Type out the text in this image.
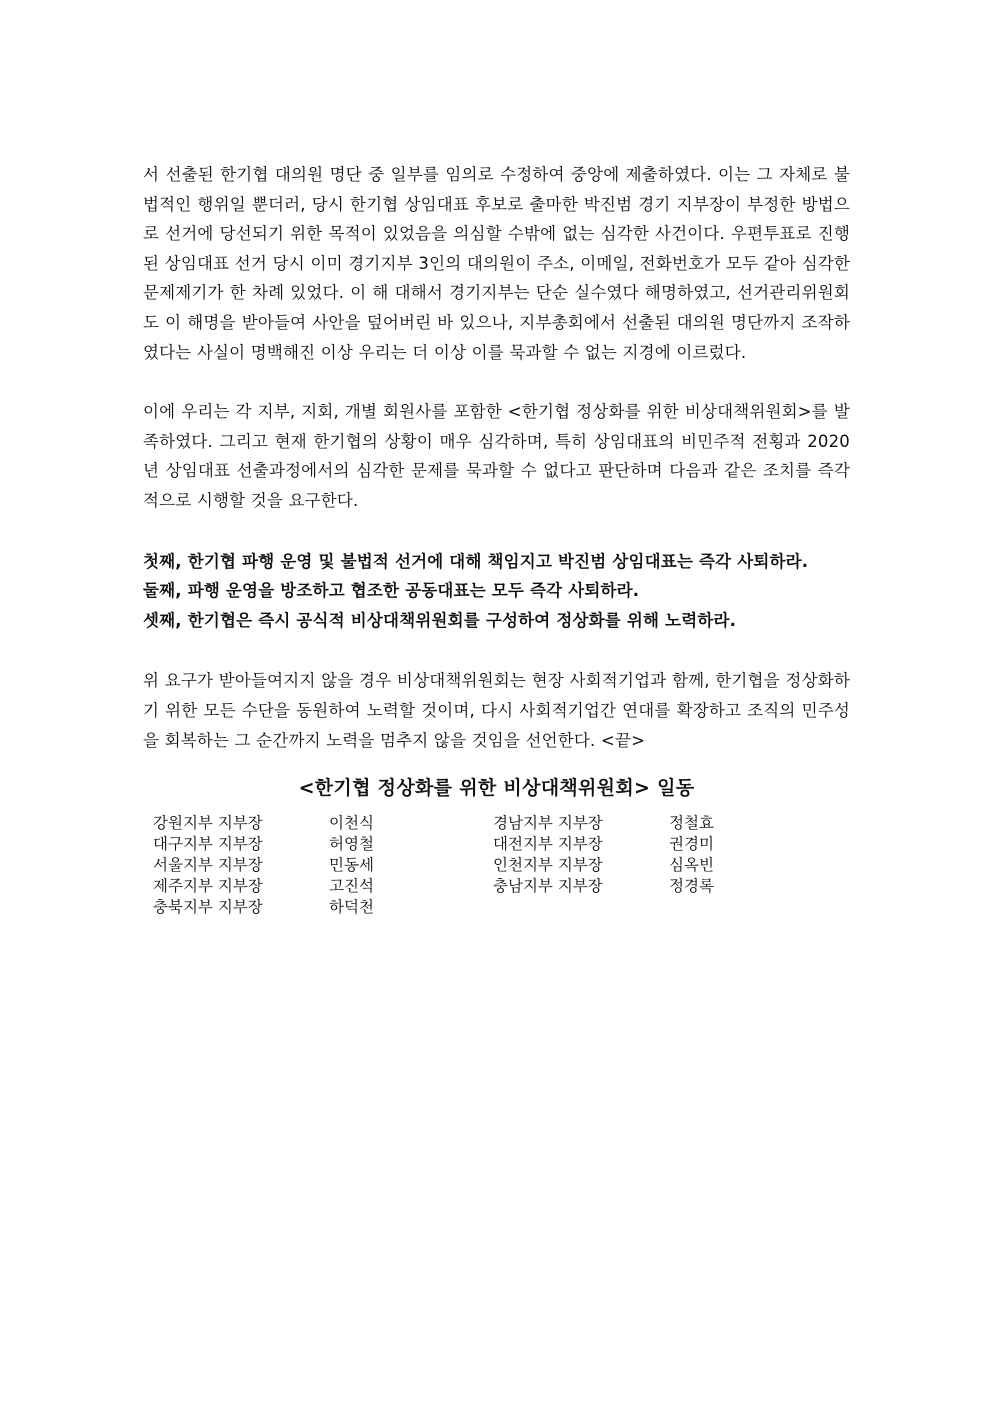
서 선출된 한기협 대의원 명단 중 일부를 임의로 수정하여 중앙에 제출하였다. 이는 그 자체로 불법적인 행위일 뿐더러, 당시 한기협 상임대표 후보로 출마한 박진범 경기 지부장이 부정한 방법으로 선거에 당선되기 위한 목적이 있었음을 의심할 수밖에 없는 심각한 사건이다. 우편투표로 진행된 상임대표 선거 당시 이미 경기지부 3인의 대의원이 주소, 이메일, 전화번호가 모두 같아 심각한 문제제기가 한 차례 있었다. 이 해 대해서 경기지부는 단순 실수였다 해명하였고, 선거관리위원회도 이 해명을 받아들여 사안을 덮어버린 바 있으나, 지부총회에서 선출된 대의원 명단까지 조작하였다는 사실이 명백해진 이상 우리는 더 이상 이를 묵과할 수 없는 지경에 이르렀다.

이에 우리는 각 지부, 지회, 개별 회원사를 포함한 <한기협 정상화를 위한 비상대책위원회>를 발족하였다. 그리고 현재 한기협의 상황이 매우 심각하며, 특히 상임대표의 비민주적 전횡과 2020년 상임대표 선출과정에서의 심각한 문제를 묵과할 수 없다고 판단하며 다음과 같은 조치를 즉각적으로 시행할 것을 요구한다.

첫째, 한기협 파행 운영 및 불법적 선거에 대해 책임지고 박진범 상임대표는 즉각 사퇴하라.
둘째, 파행 운영을 방조하고 협조한 공동대표는 모두 즉각 사퇴하라.
셋째, 한기협은 즉시 공식적 비상대책위원회를 구성하여 정상화를 위해 노력하라.

위 요구가 받아들여지지 않을 경우 비상대책위원회는 현장 사회적기업과 함께, 한기협을 정상화하기 위한 모든 수단을 동원하여 노력할 것이며, 다시 사회적기업간 연대를 확장하고 조직의 민주성을 회복하는 그 순간까지 노력을 멈추지 않을 것임을 선언한다. <끝>

<한기협 정상화를 위한 비상대책위원회> 일동
강원지부 지부장	이천식
대구지부 지부장	허영철
서울지부 지부장	민동세
제주지부 지부장	고진석
충북지부 지부장	하덕천
경남지부 지부장	정철효
대전지부 지부장	권경미
인천지부 지부장	심옥빈
충남지부 지부장	정경록
